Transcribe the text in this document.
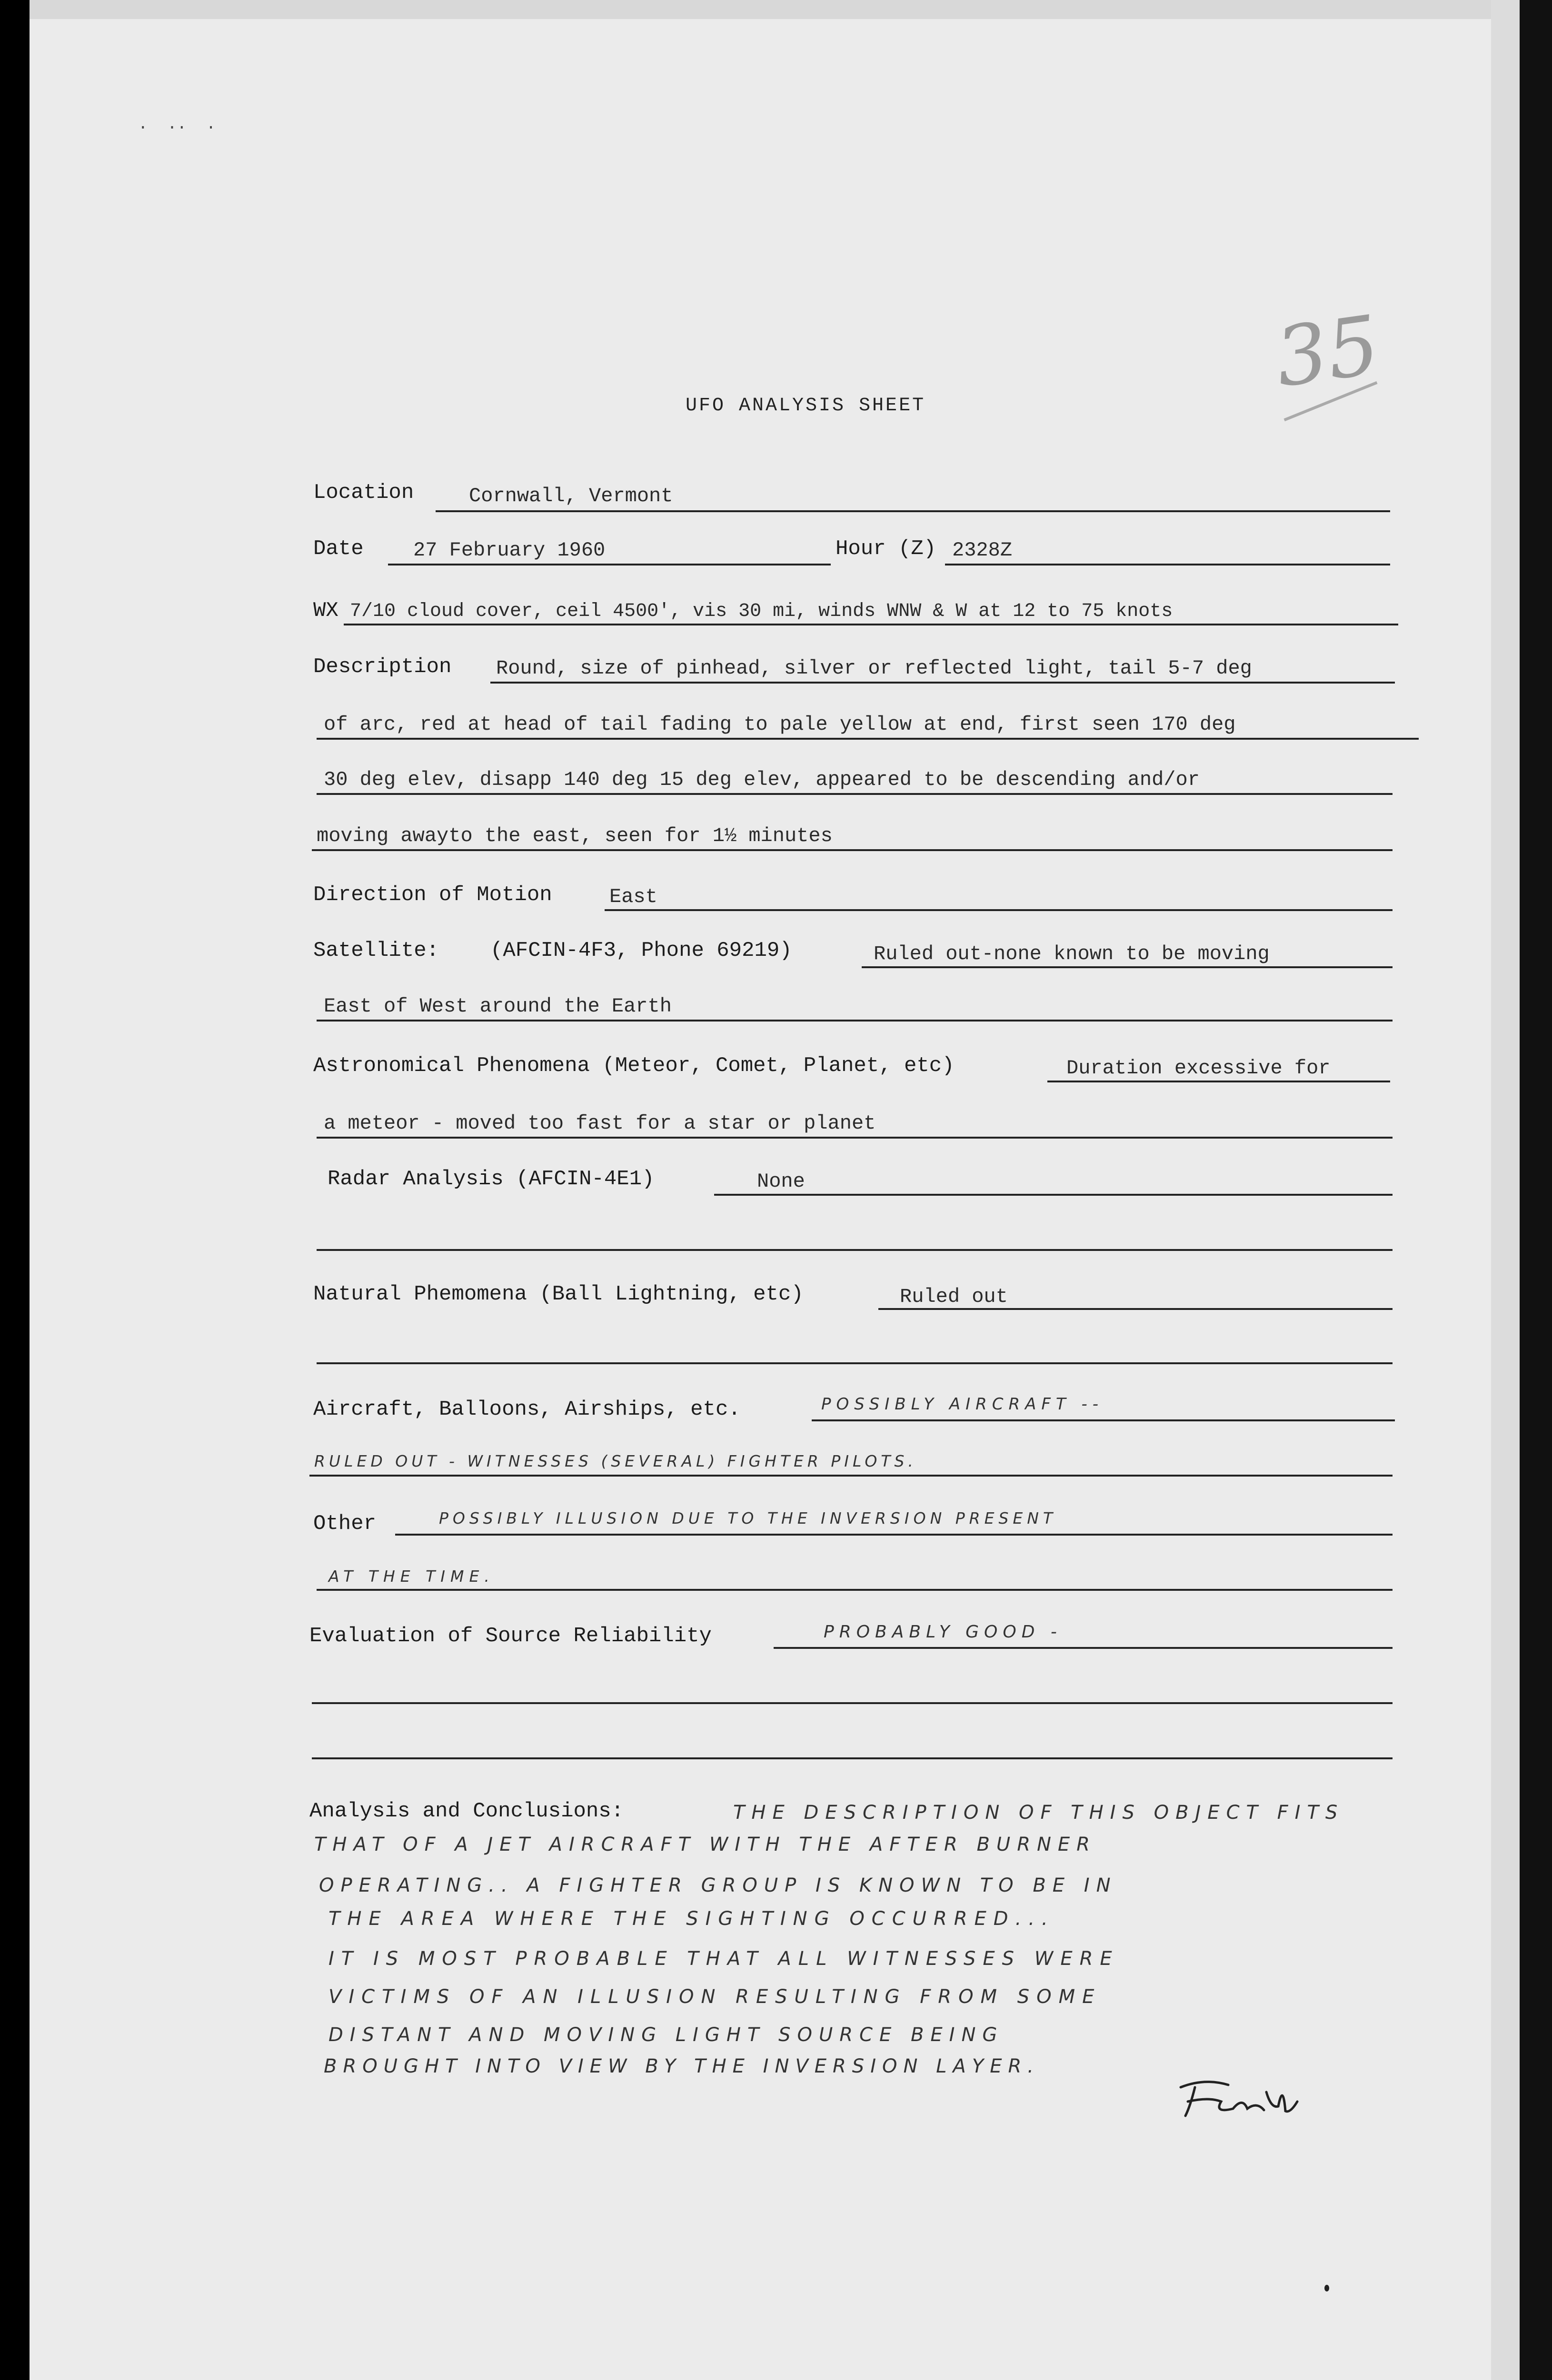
·  ··  ·
35
UFO ANALYSIS SHEET
Location	Cornwall, Vermont
Date 27 February 1960	Hour (Z) 2328Z
WX 7/10 cloud cover, ceil 4500', vis 30 mi, winds WNW & W at 12 to 75 knots
Description Round, size of pinhead, silver or reflected light, tail 5-7 deg
of arc, red at head of tail fading to pale yellow at end, first seen 170 deg
30 deg elev, disapp 140 deg 15 deg elev, appeared to be descending and/or
moving awayto the east, seen for 1½ minutes
Direction of Motion	East
Satellite: (AFCIN-4F3, Phone 69219)	Ruled out-none known to be moving
East of West around the Earth
Astronomical Phenomena (Meteor, Comet, Planet, etc)	Duration excessive for
a meteor - moved too fast for a star or planet
Radar Analysis (AFCIN-4E1)	None
Natural Phemomena (Ball Lightning, etc)	Ruled out
Aircraft, Balloons, Airships, etc.	POSSIBLY AIRCRAFT --
RULED OUT - WITNESSES (SEVERAL) FIGHTER PILOTS.
Other	POSSIBLY ILLUSION DUE TO THE INVERSION PRESENT
AT THE TIME.
Evaluation of Source Reliability	PROBABLY GOOD -
Analysis and Conclusions:	THE DESCRIPTION OF THIS OBJECT FITS
THAT OF A JET AIRCRAFT WITH THE AFTER BURNER
OPERATING.. A FIGHTER GROUP IS KNOWN TO BE IN
THE AREA WHERE THE SIGHTING OCCURRED...
IT IS MOST PROBABLE THAT ALL WITNESSES WERE
VICTIMS OF AN ILLUSION RESULTING FROM SOME
DISTANT AND MOVING LIGHT SOURCE BEING
BROUGHT INTO VIEW BY THE INVERSION LAYER.
